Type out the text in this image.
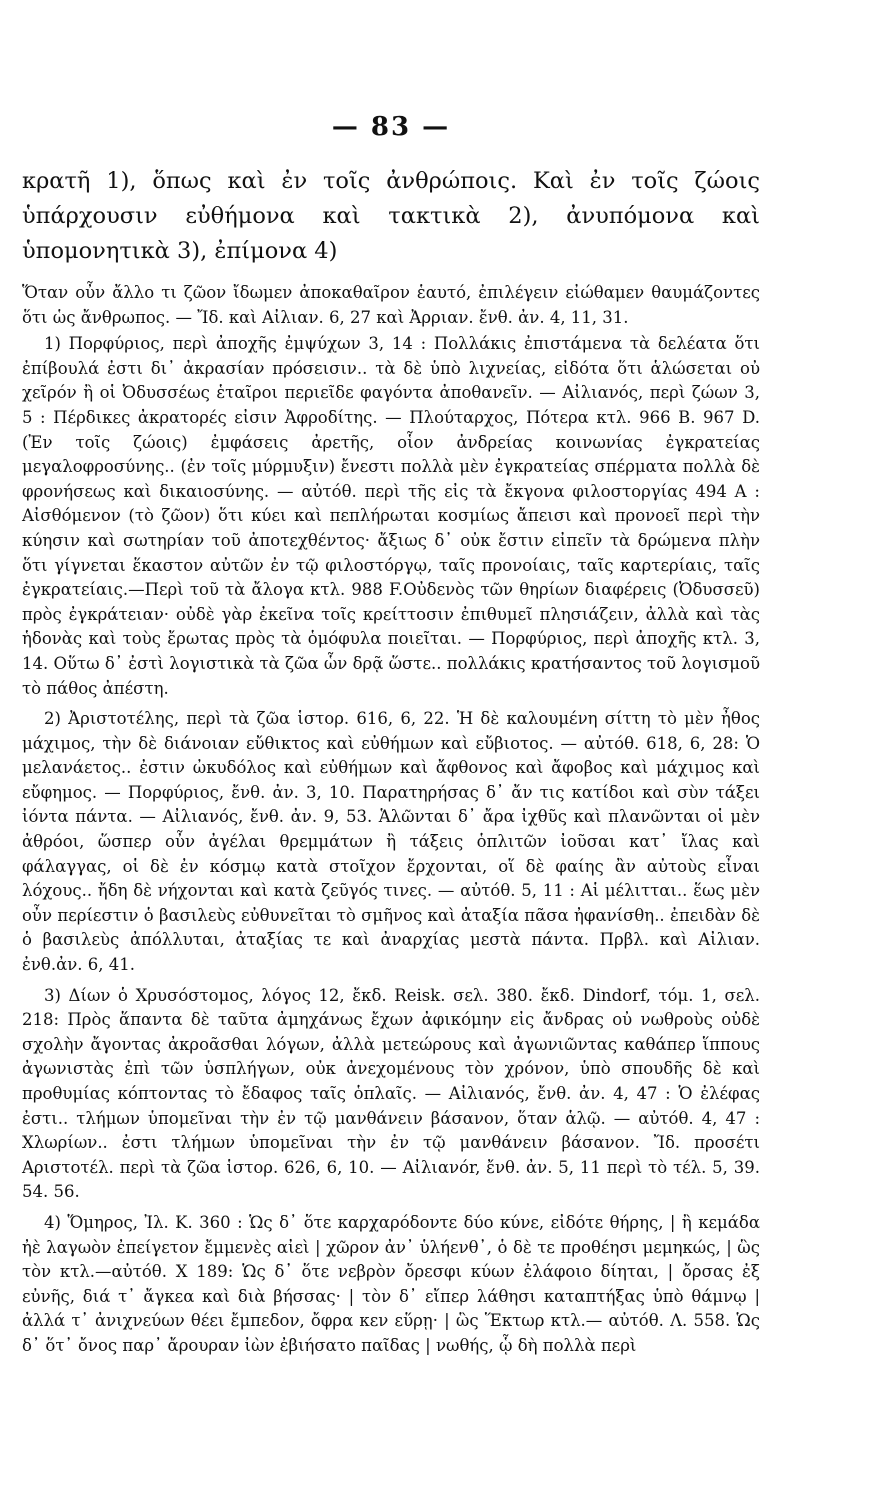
— 83 —

κρατῆ 1), ὅπως καὶ ἐν τοῖς ἀνθρώποις. Καὶ ἐν τοῖς ζώοις ὑπάρχουσιν εὐθήμονα καὶ τακτικὰ 2), ἀνυπόμονα καὶ ὑπομονητικὰ 3), ἐπίμονα 4)

Ὅταν οὖν ἄλλο τι ζῶον ἴδωμεν ἀποκαθαῖρον ἑαυτό, ἐπιλέγειν εἰώθαμεν θαυμάζοντες ὅτι ὡς ἄνθρωπος. — Ἴδ. καὶ Αἰλιαν. 6, 27 καὶ Ἀρριαν. ἔνθ. ἀν. 4, 11, 31.

1) Πορφύριος, περὶ ἀποχῆς ἐμψύχων 3, 14 : Πολλάκις ἐπιστάμενα τὰ δελέατα ὅτι ἐπίβουλά ἐστι δι᾽ ἀκρασίαν πρόσεισιν.. τὰ δὲ ὑπὸ λιχνείας, εἰδότα ὅτι ἁλώσεται οὐ χεῖρόν ἢ οἱ Ὀδυσσέως ἑταῖροι περιεῖδε φαγόντα ἀποθανεῖν. — Αἰλιανός, περὶ ζώων 3, 5 : Πέρδικες ἀκρατορές εἰσιν Ἀφροδίτης. — Πλούταρχος, Πότερα κτλ. 966 B. 967 D. (Ἐν τοῖς ζώοις) ἐμφάσεις ἀρετῆς, οἷον ἀνδρείας κοινωνίας ἐγκρατείας μεγαλοφροσύνης.. (ἐν τοῖς μύρμυξιν) ἔνεστι πολλὰ μὲν ἐγκρατείας σπέρματα πολλὰ δὲ φρονήσεως καὶ δικαιοσύνης. — αὐτόθ. περὶ τῆς εἰς τὰ ἔκγονα φιλοστοργίας 494 A : Αἰσθόμενον (τὸ ζῶον) ὅτι κύει καὶ πεπλήρωται κοσμίως ἄπεισι καὶ προνοεῖ περὶ τὴν κύησιν καὶ σωτηρίαν τοῦ ἀποτεχθέντος· ἄξιως δ᾽ οὐκ ἔστιν εἰπεῖν τὰ δρώμενα πλὴν ὅτι γίγνεται ἕκαστον αὐτῶν ἐν τῷ φιλοστόργῳ, ταῖς προνοίαις, ταῖς καρτερίαις, ταῖς ἐγκρατείαις.—Περὶ τοῦ τὰ ἄλογα κτλ. 988 F.Οὐδενὸς τῶν θηρίων διαφέρεις (Ὀδυσσεῦ) πρὸς ἐγκράτειαν· οὐδὲ γὰρ ἐκεῖνα τοῖς κρείττοσιν ἐπιθυμεῖ πλησιάζειν, ἀλλὰ καὶ τὰς ἡδονὰς καὶ τοὺς ἔρωτας πρὸς τὰ ὁμόφυλα ποιεῖται. — Πορφύριος, περὶ ἀποχῆς κτλ. 3, 14. Οὕτω δ᾽ ἐστὶ λογιστικὰ τὰ ζῶα ὧν δρᾷ ὥστε.. πολλάκις κρατήσαντος τοῦ λογισμοῦ τὸ πάθος ἀπέστη.

2) Ἀριστοτέλης, περὶ τὰ ζῶα ἱστορ. 616, 6, 22. Ἡ δὲ καλουμένη σίττη τὸ μὲν ἦθος μάχιμος, τὴν δὲ διάνοιαν εὔθικτος καὶ εὐθήμων καὶ εὔβιοτος. — αὐτόθ. 618, 6, 28: Ὁ μελανάετος.. ἐστιν ὠκυδόλος καὶ εὐθήμων καὶ ἄφθονος καὶ ἄφοβος καὶ μάχιμος καὶ εὔφημος. — Πορφύριος, ἔνθ. ἀν. 3, 10. Παρατηρήσας δ᾽ ἄν τις κατίδοι καὶ σὺν τάξει ἰόντα πάντα. — Αἰλιανός, ἔνθ. ἀν. 9, 53. Ἁλῶνται δ᾽ ἄρα ἰχθῦς καὶ πλανῶνται οἱ μὲν ἀθρόοι, ὥσπερ οὖν ἀγέλαι θρεμμάτων ἢ τάξεις ὁπλιτῶν ἰοῦσαι κατ᾽ ἴλας καὶ φάλαγγας, οἱ δὲ ἐν κόσμῳ κατὰ στοῖχον ἔρχονται, οἵ δὲ φαίης ἂν αὐτοὺς εἶναι λόχους.. ἤδη δὲ νήχονται καὶ κατὰ ζεῦγός τινες. — αὐτόθ. 5, 11 : Αἱ μέλιτται.. ἕως μὲν οὖν περίεστιν ὁ βασιλεὺς εὐθυνεῖται τὸ σμῆνος καὶ ἀταξία πᾶσα ἠφανίσθη.. ἐπειδὰν δὲ ὁ βασιλεὺς ἀπόλλυται, ἀταξίας τε καὶ ἀναρχίας μεστὰ πάντα. Πρβλ. καὶ Αἰλιαν. ἐνθ.ἀν. 6, 41.

3) Δίων ὁ Χρυσόστομος, λόγος 12, ἔκδ. Reisk. σελ. 380. ἔκδ. Dindorf, τόμ. 1, σελ. 218: Πρὸς ἅπαντα δὲ ταῦτα ἀμηχάνως ἔχων ἀφικόμην εἰς ἄνδρας οὐ νωθροὺς οὐδὲ σχολὴν ἄγοντας ἀκροᾶσθαι λόγων, ἀλλὰ μετεώρους καὶ ἀγωνιῶντας καθάπερ ἵππους ἀγωνιστὰς ἐπὶ τῶν ὑσπλήγων, οὐκ ἀνεχομένους τὸν χρόνον, ὑπὸ σπουδῆς δὲ καὶ προθυμίας κόπτοντας τὸ ἔδαφος ταῖς ὁπλαῖς. — Αἰλιανός, ἔνθ. ἀν. 4, 47 : Ὁ ἐλέφας ἐστι.. τλήμων ὑπομεῖναι τὴν ἐν τῷ μανθάνειν βάσανον, ὅταν ἁλῷ. — αὐτόθ. 4, 47 : Χλωρίων.. ἐστι τλήμων ὑπομεῖναι τὴν ἐν τῷ μανθάνειν βάσανον. Ἴδ. προσέτι Αριστοτέλ. περὶ τὰ ζῶα ἱστορ. 626, 6, 10. — Αἰλιανόr, ἔνθ. ἀν. 5, 11 περὶ τὸ τέλ. 5, 39. 54. 56.

4) Ὅμηρος, Ἰλ. Κ. 360 : Ὡς δ᾽ ὅτε καρχαρόδοντε δύο κύνε, εἰδότε θήρης, | ἢ κεμάδα ἠὲ λαγωὸν ἐπείγετον ἔμμενὲς αἰεὶ | χῶρον ἀν᾽ ὑλήενθ᾽, ὁ δὲ τε προθέησι μεμηκώς, | ὣς τὸν κτλ.—αὐτόθ. Χ 189: Ὡς δ᾽ ὅτε νεβρὸν ὄρεσφι κύων ἐλάφοιο δίηται, | ὄρσας ἐξ εὐνῆς, διά τ᾽ ἄγκεα καὶ διὰ βήσσας· | τὸν δ᾽ εἴπερ λάθησι καταπτήξας ὑπὸ θάμνῳ | ἀλλά τ᾽ ἀνιχνεύων θέει ἔμπεδον, ὄφρα κεν εὕρῃ· | ὣς Ἕκτωρ κτλ.— αὐτόθ. Λ. 558. Ὡς δ᾽ ὅτ᾽ ὄνος παρ᾽ ἄρουραν ἰὼν ἐβιήσατο παῖδας | νωθής, ᾧ δὴ πολλὰ περὶ
